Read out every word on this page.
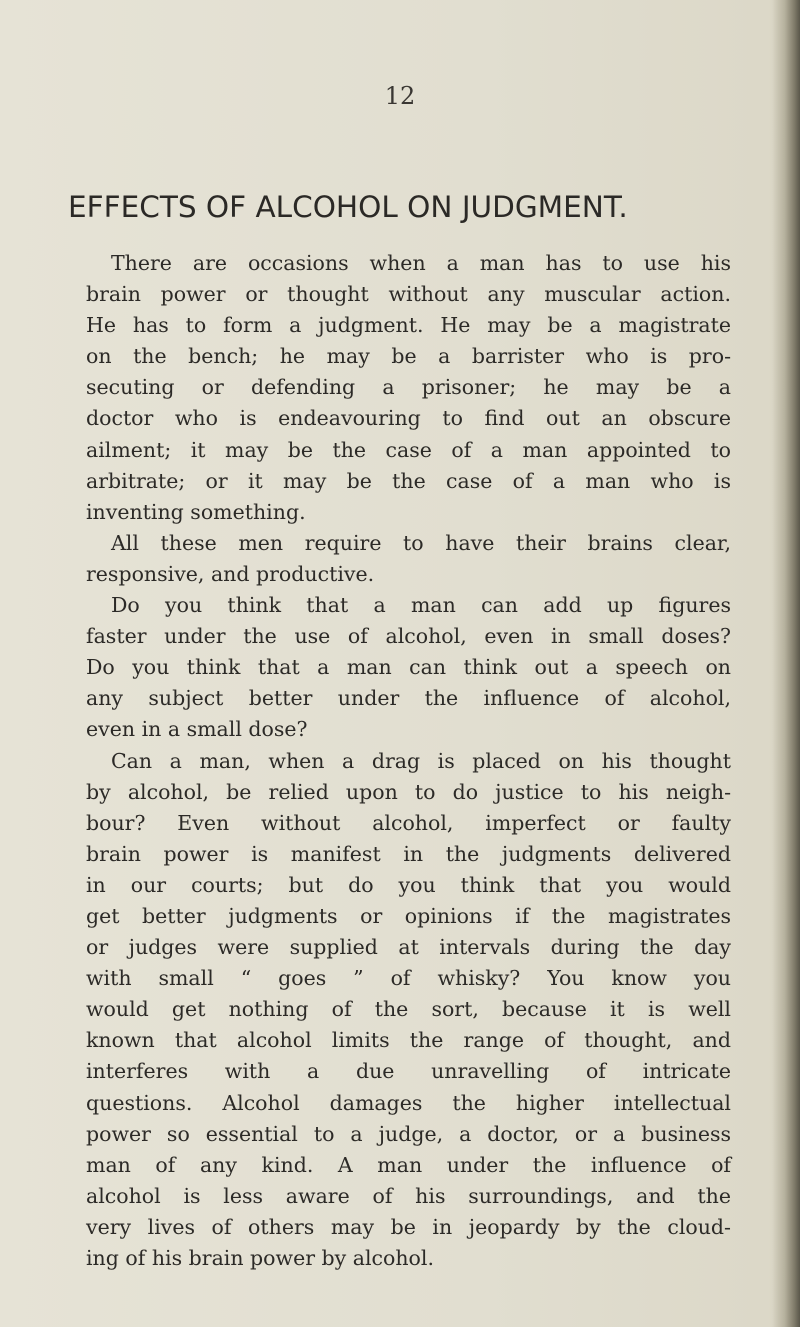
12
EFFECTS OF ALCOHOL ON JUDGMENT.
There are occasions when a man has to use his
brain power or thought without any muscular action.
He has to form a judgment. He may be a magistrate
on the bench; he may be a barrister who is pro-
secuting or defending a prisoner; he may be a
doctor who is endeavouring to find out an obscure
ailment; it may be the case of a man appointed to
arbitrate; or it may be the case of a man who is
inventing something.
All these men require to have their brains clear,
responsive, and productive.
Do you think that a man can add up figures
faster under the use of alcohol, even in small doses?
Do you think that a man can think out a speech on
any subject better under the influence of alcohol,
even in a small dose?
Can a man, when a drag is placed on his thought
by alcohol, be relied upon to do justice to his neigh-
bour? Even without alcohol, imperfect or faulty
brain power is manifest in the judgments delivered
in our courts; but do you think that you would
get better judgments or opinions if the magistrates
or judges were supplied at intervals during the day
with small “ goes ” of whisky? You know you
would get nothing of the sort, because it is well
known that alcohol limits the range of thought, and
interferes with a due unravelling of intricate
questions. Alcohol damages the higher intellectual
power so essential to a judge, a doctor, or a business
man of any kind. A man under the influence of
alcohol is less aware of his surroundings, and the
very lives of others may be in jeopardy by the cloud-
ing of his brain power by alcohol.
